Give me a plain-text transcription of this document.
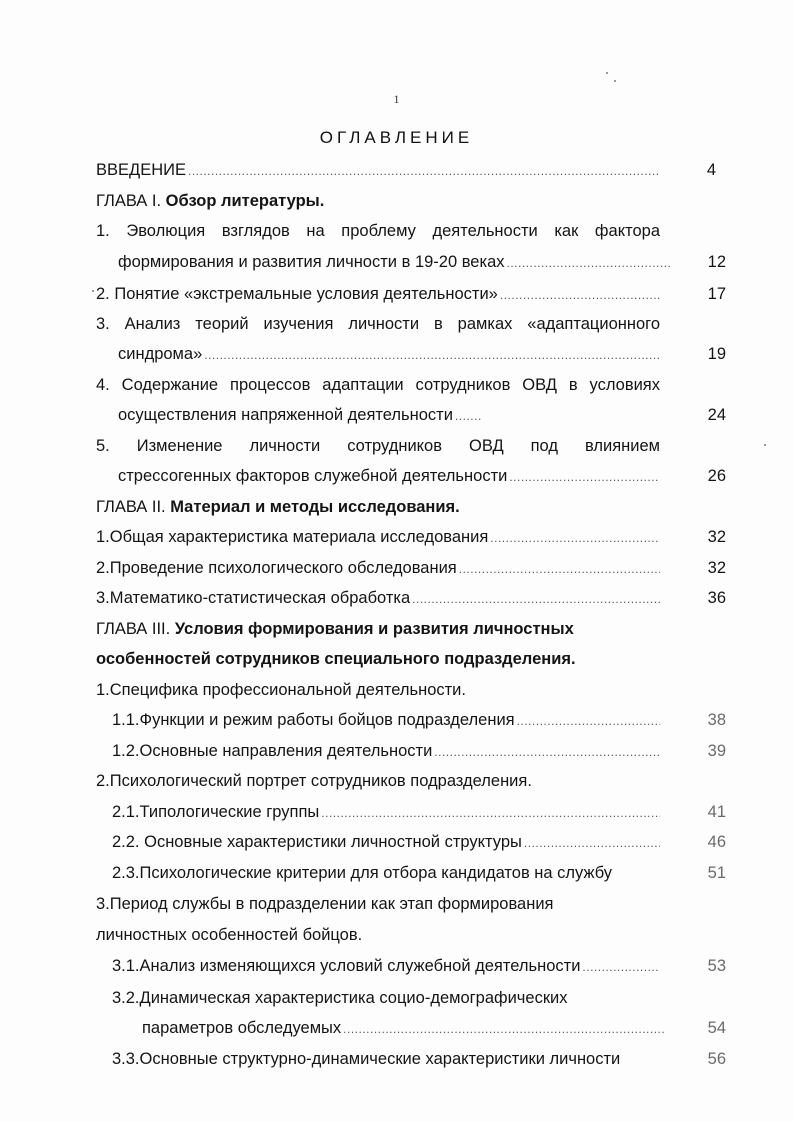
1
ОГЛАВЛЕНИЕ
ВВЕДЕНИЕ .....	4
ГЛАВА I. Обзор литературы.
1. Эволюция взглядов на проблему деятельности как фактора
формирования и развития личности в 19-20 веках .....	12
2. Понятие «экстремальные условия деятельности» .....	17
3. Анализ теорий изучения личности в рамках «адаптационного
синдрома» .....	19
4. Содержание процессов адаптации сотрудников ОВД в условиях
осуществления напряженной деятельности .....	24
5. Изменение личности сотрудников ОВД под влиянием
стрессогенных факторов служебной деятельности .....	26
ГЛАВА II. Материал и методы исследования.
1.Общая характеристика материала исследования .....	32
2.Проведение психологического обследования .....	32
3.Математико-статистическая обработка .....	36
ГЛАВА III. Условия формирования и развития личностных
особенностей сотрудников специального подразделения.
1.Специфика профессиональной деятельности.
1.1.Функции и режим работы бойцов подразделения .....	38
1.2.Основные направления деятельности .....	39
2.Психологический портрет сотрудников подразделения.
2.1.Типологические группы .....	41
2.2. Основные характеристики личностной структуры .....	46
2.3.Психологические критерии для отбора кандидатов на службу	51
3.Период службы в подразделении как этап формирования
личностных особенностей бойцов.
3.1.Анализ изменяющихся условий служебной деятельности .....	53
3.2.Динамическая характеристика социо-демографических
параметров обследуемых .....	54
3.3.Основные структурно-динамические характеристики личности	56
